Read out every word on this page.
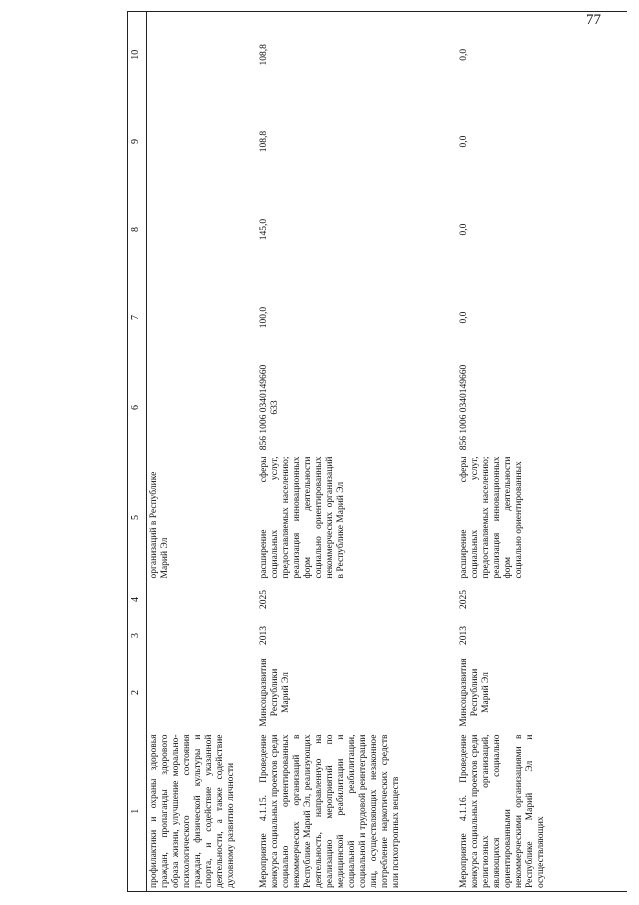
77
1	2	3	4	5	6	7	8	9	10
профилактики и охраны здоровья граждан, пропаганды здорового образа жизни, улучшение морально-психологического состояния граждан, физической культуры и спорта, и содействие указанной деятельности, а также содействие духовному развитию личности				организаций в Республике Марий Эл					
Мероприятие 4.1.15. Проведение конкурса социальных проектов среди социально ориентированных некоммерческих организаций в Республике Марий Эл, реализующих деятельность, направленную на реализацию мероприятий по медицинской реабилитации и социальной реабилитации, социальной и трудовой реинтеграции лиц, осуществляющих незаконное потребление наркотических средств или психотропных веществ	Минсоцразвития Республики Марий Эл	2013	2025	расширение сферы социальных услуг, предоставляемых населению; реализация инновационных форм деятельности социально ориентированных некоммерческих организаций в Республике Марий Эл	856 1006 0340149660 633	100,0	145,0	108,8	108,8
Мероприятие 4.1.16. Проведение конкурса социальных проектов среди религиозных организаций, являющихся социально ориентированными некоммерческими организациями в Республике Марий Эл и осуществляющих	Минсоцразвития Республики Марий Эл	2013	2025	расширение сферы социальных услуг, предоставляемых населению; реализация инновационных форм деятельности социально ориентированных	856 1006 0340149660	0,0	0,0	0,0	0,0
